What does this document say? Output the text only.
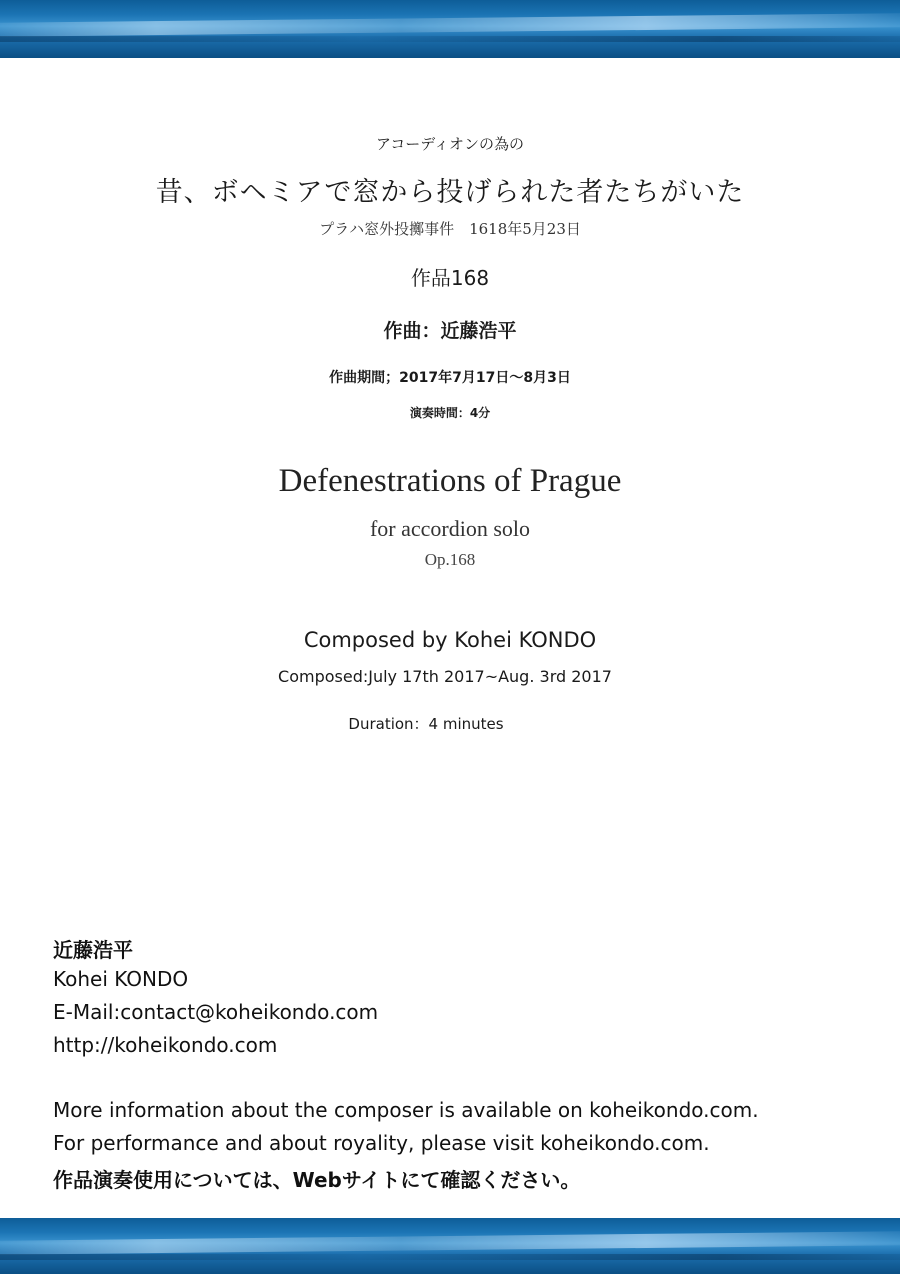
アコーディオンの為の
昔、ボヘミアで窓から投げられた者たちがいた
プラハ窓外投擲事件　1618年5月23日
作品168
作曲：近藤浩平
作曲期間；2017年7月17日～8月3日
演奏時間：4分
Defenestrations of Prague
for accordion solo
Op.168
Composed by Kohei KONDO
Composed:July 17th 2017~Aug. 3rd 2017
Duration：4 minutes
近藤浩平
Kohei KONDO
E-Mail:contact@koheikondo.com
http://koheikondo.com
More information about the composer is available on koheikondo.com.
For performance and about royality, please visit koheikondo.com.
作品演奏使用については、Webサイトにて確認ください。
